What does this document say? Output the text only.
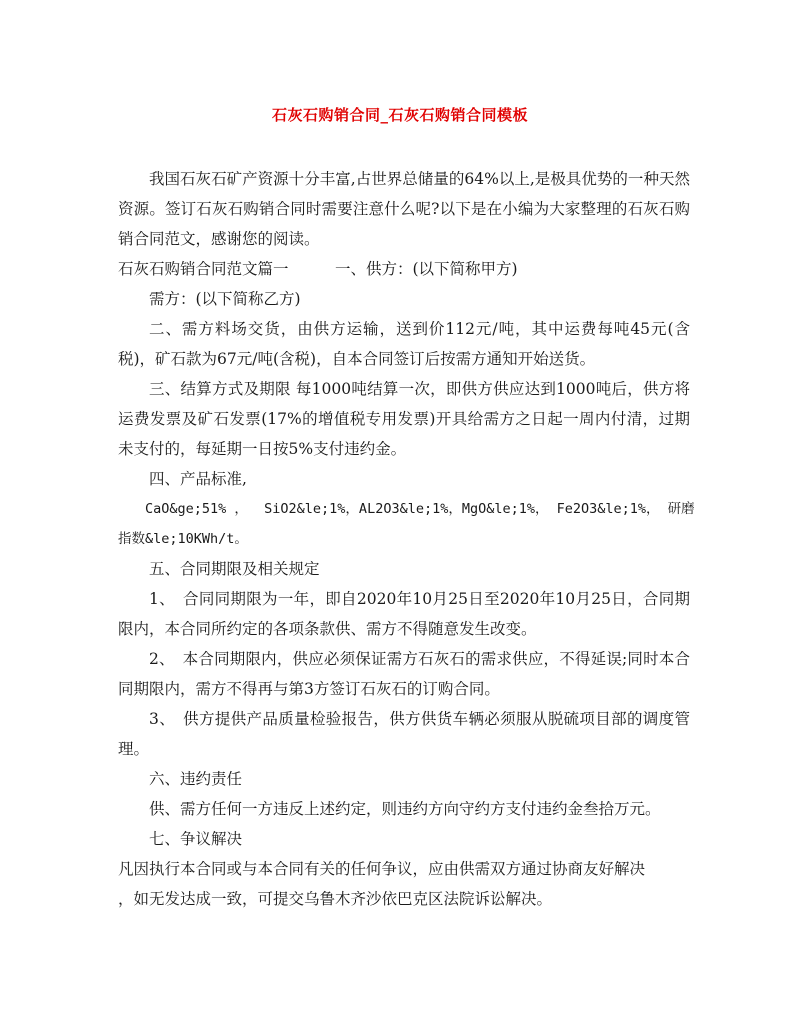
石灰石购销合同_石灰石购销合同模板

我国石灰石矿产资源十分丰富,占世界总储量的64%以上,是极具优势的一种天然资源。签订石灰石购销合同时需要注意什么呢?以下是在小编为大家整理的石灰石购销合同范文，感谢您的阅读。

石灰石购销合同范文篇一　　　一、供方：(以下简称甲方)

需方：(以下简称乙方)

二、需方料场交货，由供方运输，送到价112元/吨，其中运费每吨45元(含税)，矿石款为67元/吨(含税)，自本合同签订后按需方通知开始送货。

三、结算方式及期限 每1000吨结算一次，即供方供应达到1000吨后，供方将运费发票及矿石发票(17%的增值税专用发票)开具给需方之日起一周内付清，过期未支付的，每延期一日按5%支付违约金。

四、产品标准,

CaO&ge;51% ，  SiO2&le;1%，AL2O3&le;1%，MgO&le;1%， Fe2O3&le;1%， 研磨

指数&le;10KWh/t。

五、合同期限及相关规定

1、　合同同期限为一年，即自2020年10月25日至2020年10月25日，合同期限内，本合同所约定的各项条款供、需方不得随意发生改变。

2、　本合同期限内，供应必须保证需方石灰石的需求供应，不得延误;同时本合同期限内，需方不得再与第3方签订石灰石的订购合同。

3、　供方提供产品质量检验报告，供方供货车辆必须服从脱硫项目部的调度管理。

六、违约责任

供、需方任何一方违反上述约定，则违约方向守约方支付违约金叁拾万元。

七、争议解决

凡因执行本合同或与本合同有关的任何争议，应由供需双方通过协商友好解决

，如无发达成一致，可提交乌鲁木齐沙依巴克区法院诉讼解决。
